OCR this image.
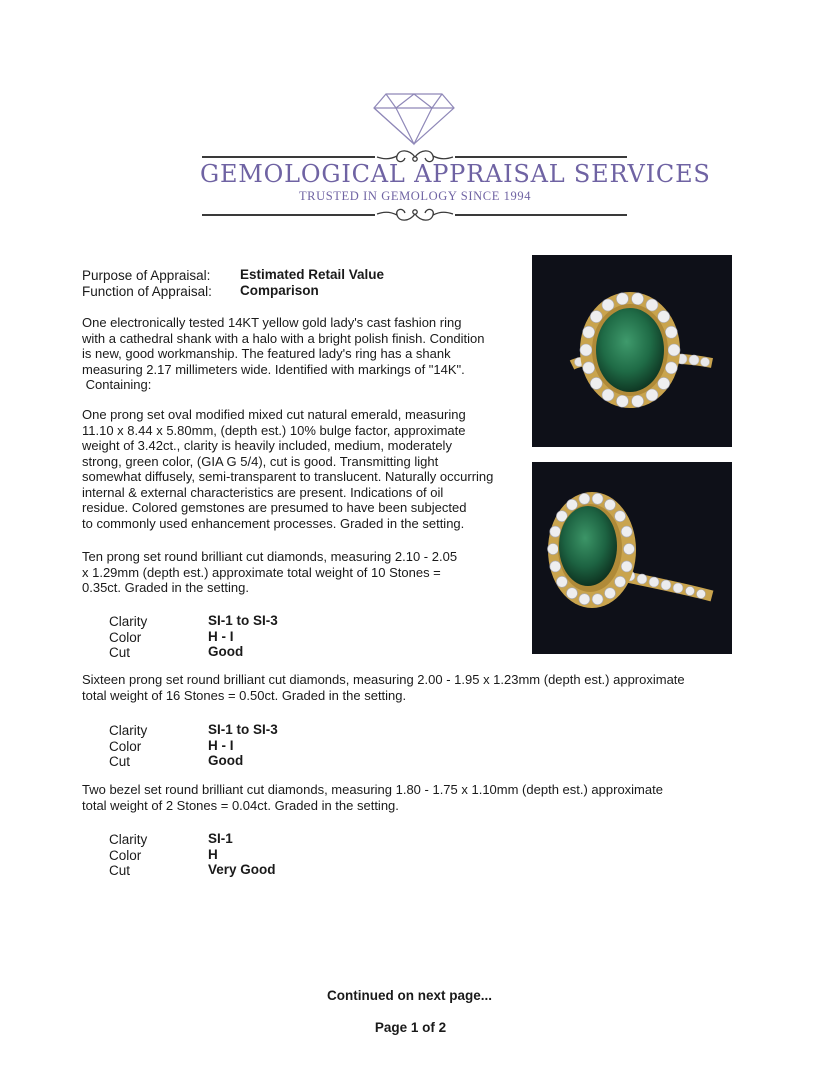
GEMOLOGICAL APPRAISAL SERVICES
TRUSTED IN GEMOLOGY SINCE 1994
Purpose of Appraisal: Estimated Retail Value
Function of Appraisal: Comparison
One electronically tested 14KT yellow gold lady's cast fashion ring
with a cathedral shank with a halo with a bright polish finish. Condition
is new, good workmanship. The featured lady's ring has a shank
measuring 2.17 millimeters wide. Identified with markings of "14K".
Containing:
One prong set oval modified mixed cut natural emerald, measuring
11.10 x 8.44 x 5.80mm, (depth est.) 10% bulge factor, approximate
weight of 3.42ct., clarity is heavily included, medium, moderately
strong, green color, (GIA G 5/4), cut is good. Transmitting light
somewhat diffusely, semi-transparent to translucent. Naturally occurring
internal & external characteristics are present. Indications of oil
residue. Colored gemstones are presumed to have been subjected
to commonly used enhancement processes. Graded in the setting.
Ten prong set round brilliant cut diamonds, measuring 2.10 - 2.05
x 1.29mm (depth est.) approximate total weight of 10 Stones =
0.35ct. Graded in the setting.
Clarity	SI-1 to SI-3
Color	H - I
Cut	Good
Sixteen prong set round brilliant cut diamonds, measuring 2.00 - 1.95 x 1.23mm (depth est.) approximate
total weight of 16 Stones = 0.50ct. Graded in the setting.
Clarity	SI-1 to SI-3
Color	H - I
Cut	Good
Two bezel set round brilliant cut diamonds, measuring 1.80 - 1.75 x 1.10mm (depth est.) approximate
total weight of 2 Stones = 0.04ct. Graded in the setting.
Clarity	SI-1
Color	H
Cut	Very Good
Continued on next page...
Page 1 of 2
